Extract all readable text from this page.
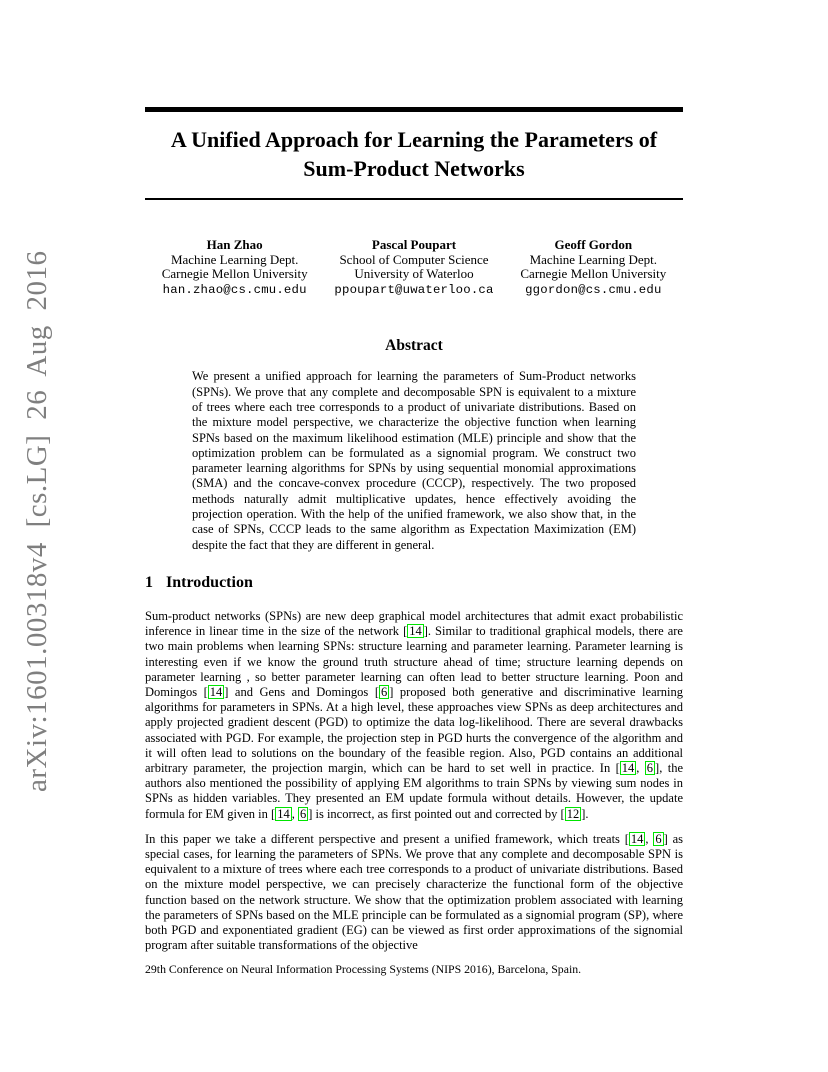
arXiv:1601.00318v4 [cs.LG] 26 Aug 2016
A Unified Approach for Learning the Parameters of Sum-Product Networks
Han Zhao
Machine Learning Dept.
Carnegie Mellon University
han.zhao@cs.cmu.edu
Pascal Poupart
School of Computer Science
University of Waterloo
ppoupart@uwaterloo.ca
Geoff Gordon
Machine Learning Dept.
Carnegie Mellon University
ggordon@cs.cmu.edu
Abstract

We present a unified approach for learning the parameters of Sum-Product networks (SPNs). We prove that any complete and decomposable SPN is equivalent to a mixture of trees where each tree corresponds to a product of univariate distributions. Based on the mixture model perspective, we characterize the objective function when learning SPNs based on the maximum likelihood estimation (MLE) principle and show that the optimization problem can be formulated as a signomial program. We construct two parameter learning algorithms for SPNs by using sequential monomial approximations (SMA) and the concave-convex procedure (CCCP), respectively. The two proposed methods naturally admit multiplicative updates, hence effectively avoiding the projection operation. With the help of the unified framework, we also show that, in the case of SPNs, CCCP leads to the same algorithm as Expectation Maximization (EM) despite the fact that they are different in general.

1 Introduction

Sum-product networks (SPNs) are new deep graphical model architectures that admit exact probabilistic inference in linear time in the size of the network [ 14 ]. Similar to traditional graphical models, there are two main problems when learning SPNs: structure learning and parameter learning. Parameter learning is interesting even if we know the ground truth structure ahead of time; structure learning depends on parameter learning , so better parameter learning can often lead to better structure learning. Poon and Domingos [ 14 ] and Gens and Domingos [ 6 ] proposed both generative and discriminative learning algorithms for parameters in SPNs. At a high level, these approaches view SPNs as deep architectures and apply projected gradient descent (PGD) to optimize the data log-likelihood. There are several drawbacks associated with PGD. For example, the projection step in PGD hurts the convergence of the algorithm and it will often lead to solutions on the boundary of the feasible region. Also, PGD contains an additional arbitrary parameter, the projection margin, which can be hard to set well in practice. In [ 14 , 6 ], the authors also mentioned the possibility of applying EM algorithms to train SPNs by viewing sum nodes in SPNs as hidden variables. They presented an EM update formula without details. However, the update formula for EM given in [ 14 , 6 ] is incorrect, as first pointed out and corrected by [ 12 ].

In this paper we take a different perspective and present a unified framework, which treats [ 14 , 6 ] as special cases, for learning the parameters of SPNs. We prove that any complete and decomposable SPN is equivalent to a mixture of trees where each tree corresponds to a product of univariate distributions. Based on the mixture model perspective, we can precisely characterize the functional form of the objective function based on the network structure. We show that the optimization problem associated with learning the parameters of SPNs based on the MLE principle can be formulated as a signomial program (SP), where both PGD and exponentiated gradient (EG) can be viewed as first order approximations of the signomial program after suitable transformations of the objective

29th Conference on Neural Information Processing Systems (NIPS 2016), Barcelona, Spain.
